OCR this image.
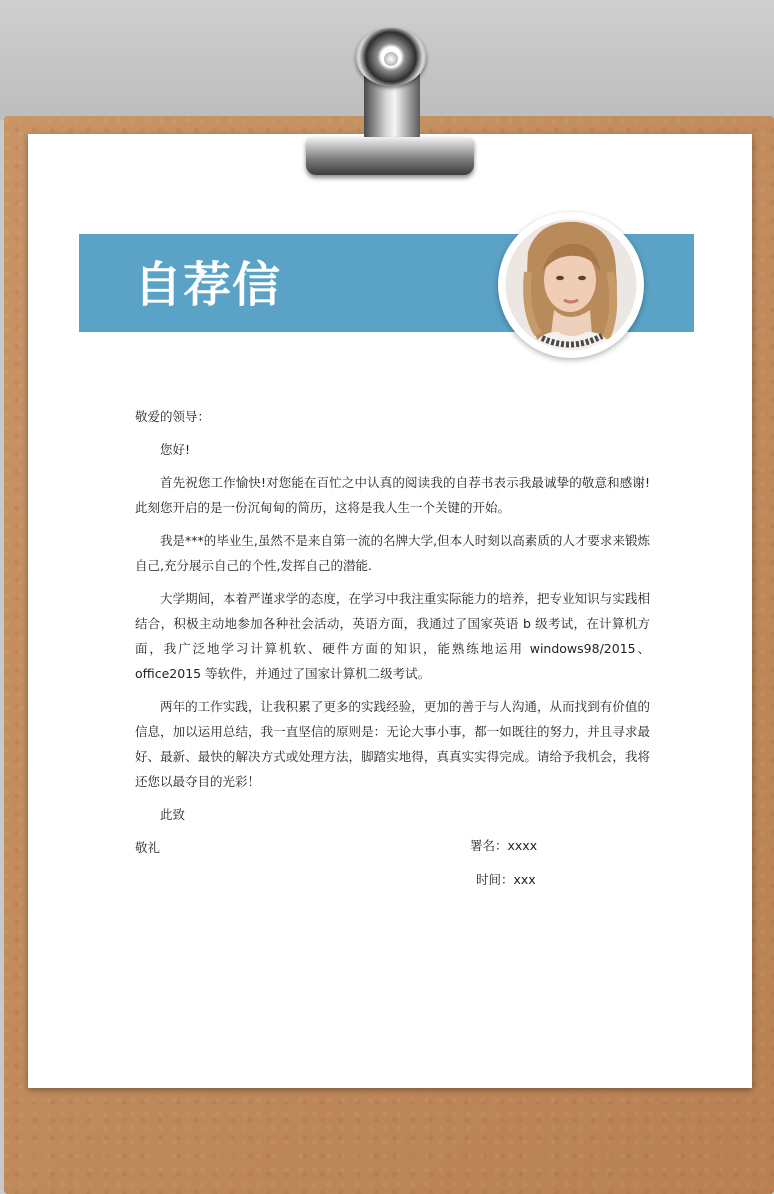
自荐信

敬爱的领导：

您好!

首先祝您工作愉快!对您能在百忙之中认真的阅读我的自荐书表示我最诚挚的敬意和感谢!此刻您开启的是一份沉甸甸的简历，这将是我人生一个关键的开始。

我是***的毕业生,虽然不是来自第一流的名牌大学,但本人时刻以高素质的人才要求来锻炼自己,充分展示自己的个性,发挥自己的潜能.

大学期间，本着严谨求学的态度，在学习中我注重实际能力的培养，把专业知识与实践相结合，积极主动地参加各种社会活动，英语方面，我通过了国家英语 b 级考试，在计算机方面，我广泛地学习计算机软、硬件方面的知识，能熟练地运用 windows98/2015、 office2015 等软件，并通过了国家计算机二级考试。

两年的工作实践，让我积累了更多的实践经验，更加的善于与人沟通，从而找到有价值的信息，加以运用总结，我一直坚信的原则是：无论大事小事，都一如既往的努力，并且寻求最好、最新、最快的解决方式或处理方法，脚踏实地得，真真实实得完成。请给予我机会，我将还您以最夺目的光彩！

此致

敬礼	署名：xxxx
时间：xxx
